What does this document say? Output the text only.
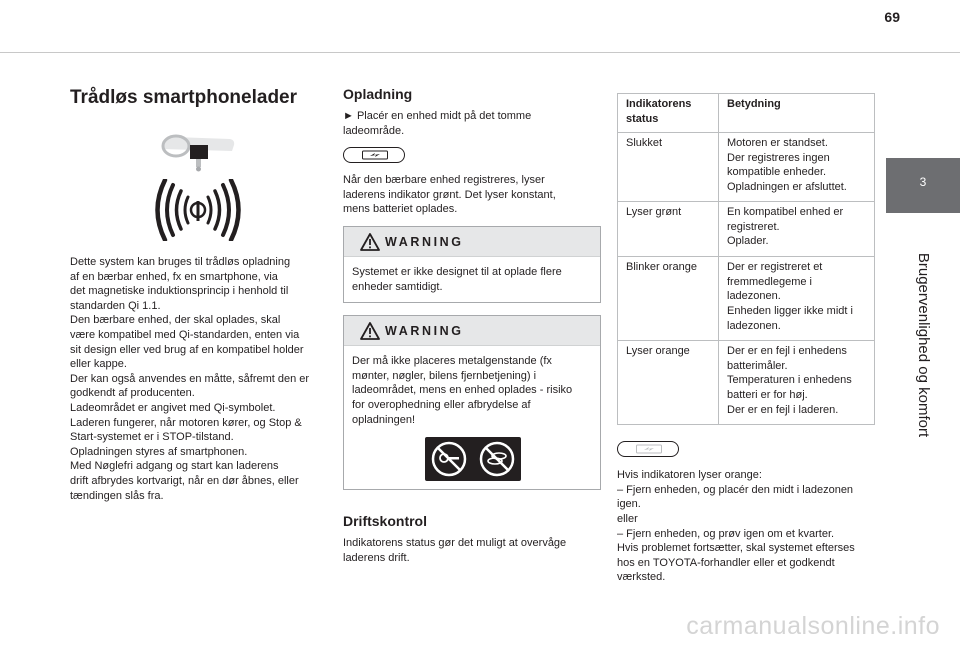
69
3
Brugervenlighed og komfort
Trådløs smartphonelader

Dette system kan bruges til trådløs opladning
af en bærbar enhed, fx en smartphone, via
det magnetiske induktionsprincip i henhold til
standarden Qi 1.1.
Den bærbare enhed, der skal oplades, skal
være kompatibel med Qi-standarden, enten via
sit design eller ved brug af en kompatibel holder
eller kappe.
Der kan også anvendes en måtte, såfremt den er
godkendt af producenten.
Ladeområdet er angivet med Qi-symbolet.
Laderen fungerer, når motoren kører, og Stop &
Start-systemet er i STOP-tilstand.
Opladningen styres af smartphonen.
Med Nøglefri adgang og start kan laderens
drift afbrydes kortvarigt, når en dør åbnes, eller
tændingen slås fra.

Opladning

► Placér en enhed midt på det tomme
ladeområde.

Når den bærbare enhed registreres, lyser
laderens indikator grønt. Det lyser konstant,
mens batteriet oplades.

WARNING

Systemet er ikke designet til at oplade flere
enheder samtidigt.

WARNING

Der må ikke placeres metalgenstande (fx
mønter, nøgler, bilens fjernbetjening) i
ladeområdet, mens en enhed oplades - risiko
for overophedning eller afbrydelse af
opladningen!

Driftskontrol

Indikatorens status gør det muligt at overvåge
laderens drift.

Indikatorens
status	Betydning
Slukket	Motoren er standset.
Der registreres ingen
kompatible enheder.
Opladningen er afsluttet.
Lyser grønt	En kompatibel enhed er
registreret.
Oplader.
Blinker orange	Der er registreret et
fremmedlegeme i
ladezonen.
Enheden ligger ikke midt i
ladezonen.
Lyser orange	Der er en fejl i enhedens
batterimåler.
Temperaturen i enhedens
batteri er for høj.
Der er en fejl i laderen.

Hvis indikatoren lyser orange:
– Fjern enheden, og placér den midt i ladezonen
igen.
eller
– Fjern enheden, og prøv igen om et kvarter.
Hvis problemet fortsætter, skal systemet efterses
hos en TOYOTA-forhandler eller et godkendt
værksted.

carmanualsonline.info
